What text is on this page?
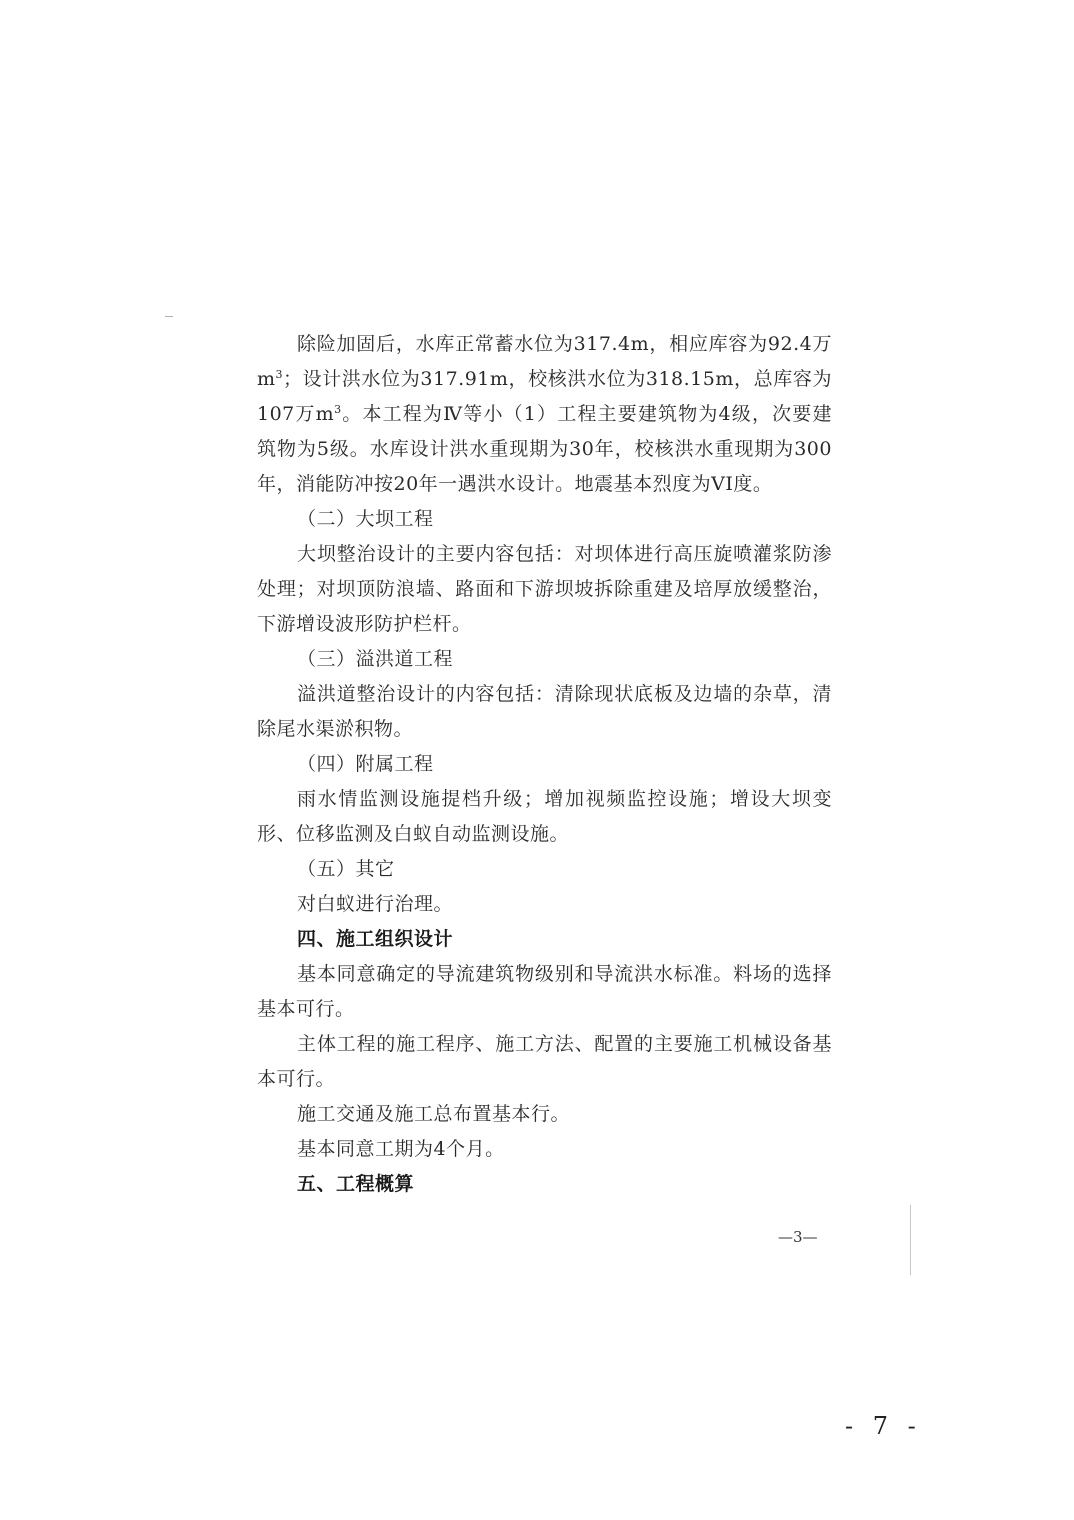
除险加固后，水库正常蓄水位为317.4m，相应库容为92.4万$m^3$；设计洪水位为317.91m，校核洪水位为318.15m，总库容为107万$m^3$。本工程为Ⅳ等小（1）工程主要建筑物为4级，次要建筑物为5级。水库设计洪水重现期为30年，校核洪水重现期为300年，消能防冲按20年一遇洪水设计。地震基本烈度为VI度。

（二）大坝工程

大坝整治设计的主要内容包括：对坝体进行高压旋喷灌浆防渗处理；对坝顶防浪墙、路面和下游坝坡拆除重建及培厚放缓整治，下游增设波形防护栏杆。

（三）溢洪道工程

溢洪道整治设计的内容包括：清除现状底板及边墙的杂草，清除尾水渠淤积物。

（四）附属工程

雨水情监测设施提档升级；增加视频监控设施；增设大坝变形、位移监测及白蚁自动监测设施。

（五）其它

对白蚁进行治理。

四、施工组织设计

基本同意确定的导流建筑物级别和导流洪水标准。料场的选择基本可行。

主体工程的施工程序、施工方法、配置的主要施工机械设备基本可行。

施工交通及施工总布置基本行。

基本同意工期为4个月。

五、工程概算

—3—
- 7 -
